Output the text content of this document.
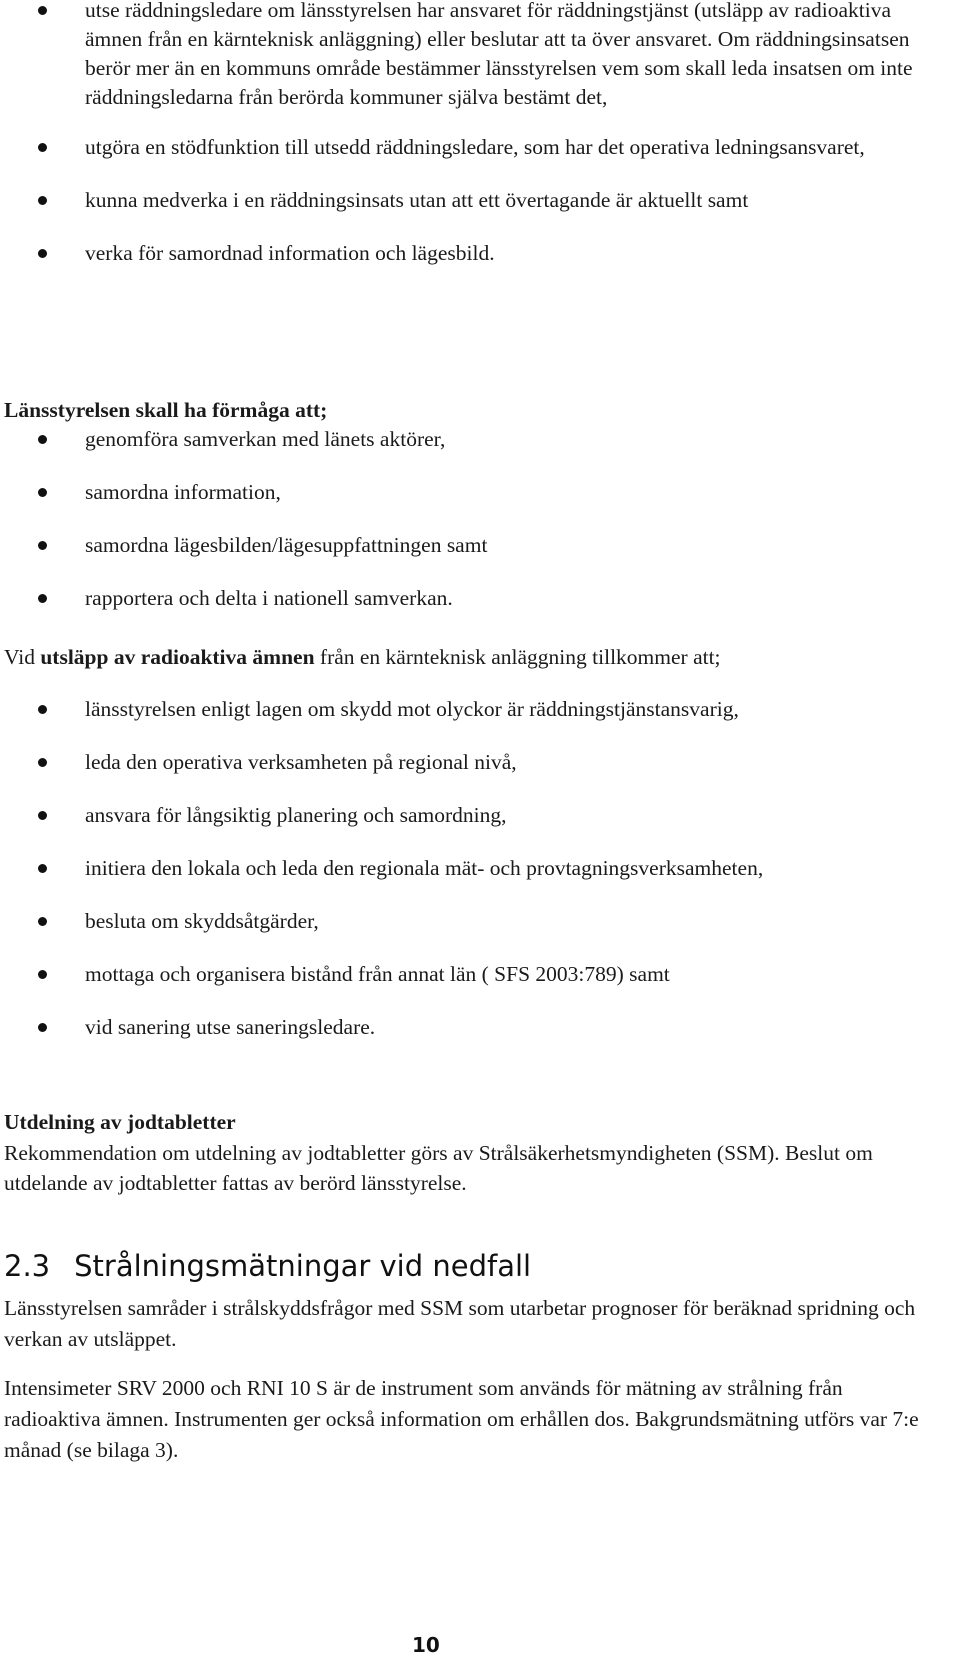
utse räddningsledare om länsstyrelsen har ansvaret för räddningstjänst (utsläpp av radioaktiva ämnen från en kärnteknisk anläggning) eller beslutar att ta över ansvaret. Om räddningsinsatsen berör mer än en kommuns område bestämmer länsstyrelsen vem som skall leda insatsen om inte räddningsledarna från berörda kommuner själva bestämt det,
utgöra en stödfunktion till utsedd räddningsledare, som har det operativa ledningsansvaret,
kunna medverka i en räddningsinsats utan att ett övertagande är aktuellt samt
verka för samordnad information och lägesbild.

Länsstyrelsen skall ha förmåga att;

genomföra samverkan med länets aktörer,
samordna information,
samordna lägesbilden/lägesuppfattningen samt
rapportera och delta i nationell samverkan.

Vid utsläpp av radioaktiva ämnen från en kärnteknisk anläggning tillkommer att;

länsstyrelsen enligt lagen om skydd mot olyckor är räddningstjänstansvarig,
leda den operativa verksamheten på regional nivå,
ansvara för långsiktig planering och samordning,
initiera den lokala och leda den regionala mät- och provtagningsverksamheten,
besluta om skyddsåtgärder,
mottaga och organisera bistånd från annat län ( SFS 2003:789) samt
vid sanering utse saneringsledare.

Utdelning av jodtabletter

Rekommendation om utdelning av jodtabletter görs av Strålsäkerhetsmyndigheten (SSM). Beslut om utdelande av jodtabletter fattas av berörd länsstyrelse.

2.3 Strålningsmätningar vid nedfall

Länsstyrelsen samråder i strålskyddsfrågor med SSM som utarbetar prognoser för beräknad spridning och verkan av utsläppet.

Intensimeter SRV 2000 och RNI 10 S är de instrument som används för mätning av strålning från radioaktiva ämnen. Instrumenten ger också information om erhållen dos. Bakgrundsmätning utförs var 7:e månad (se bilaga 3).

10
